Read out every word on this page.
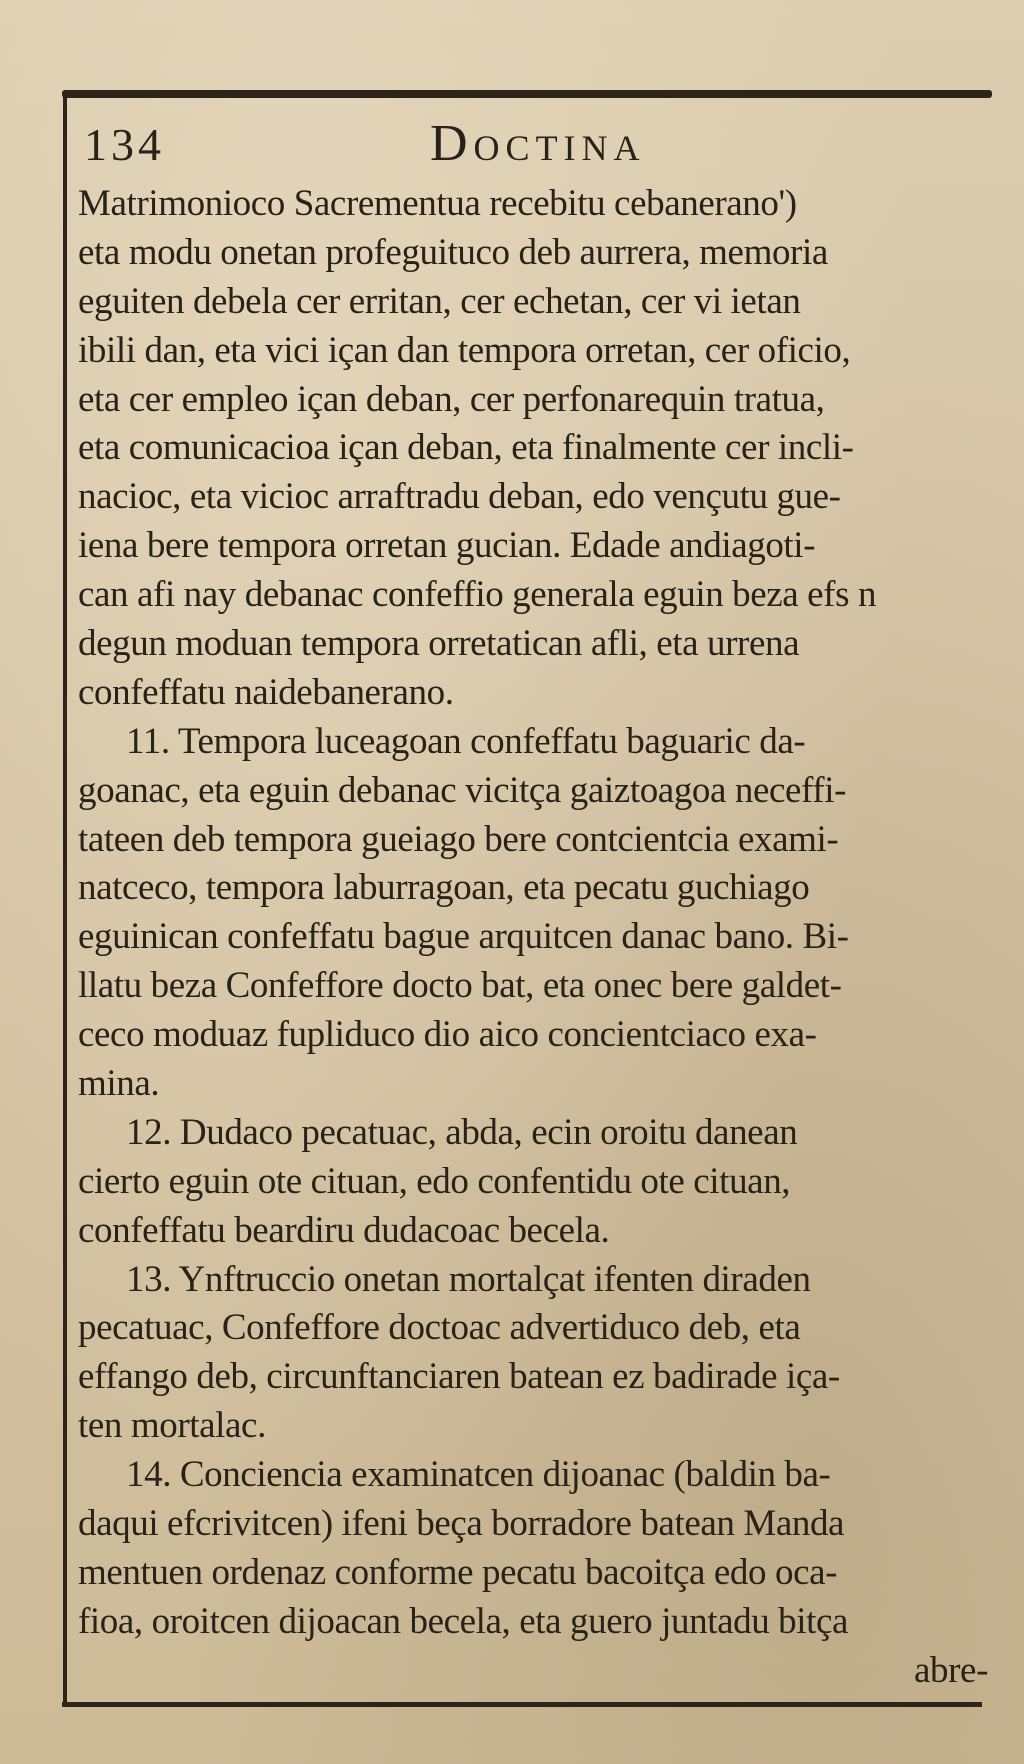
134	Doctina
Matrimonioco Sacrementua recebitu cebanerano')
eta modu onetan profeguituco deb aurrera, memoria
eguiten debela cer erritan, cer echetan, cer vi ietan
ibili dan, eta vici içan dan tempora orretan, cer oficio,
eta cer empleo içan deban, cer perfonarequin tratua,
eta comunicacioa içan deban, eta finalmente cer incli-
nacioc, eta vicioc arraftradu deban, edo vençutu gue-
iena bere tempora orretan gucian. Edade andiagoti-
can afi nay debanac confeffio generala eguin beza efs n
degun moduan tempora orretatican afli, eta urrena
confeffatu naidebanerano.
11. Tempora luceagoan confeffatu baguaric da-
goanac, eta eguin debanac vicitça gaiztoagoa neceffi-
tateen deb tempora gueiago bere contcientcia exami-
natceco, tempora laburragoan, eta pecatu guchiago
eguinican confeffatu bague arquitcen danac bano. Bi-
llatu beza Confeffore docto bat, eta onec bere galdet-
ceco moduaz fupliduco dio aico concientciaco exa-
mina.
12. Dudaco pecatuac, abda, ecin oroitu danean
cierto eguin ote cituan, edo confentidu ote cituan,
confeffatu beardiru dudacoac becela.
13. Ynftruccio onetan mortalçat ifenten diraden
pecatuac, Confeffore doctoac advertiduco deb, eta
effango deb, circunftanciaren batean ez badirade iça-
ten mortalac.
14. Conciencia examinatcen dijoanac (baldin ba-
daqui efcrivitcen) ifeni beça borradore batean Manda
mentuen ordenaz conforme pecatu bacoitça edo oca-
fioa, oroitcen dijoacan becela, eta guero juntadu bitça
abre-
